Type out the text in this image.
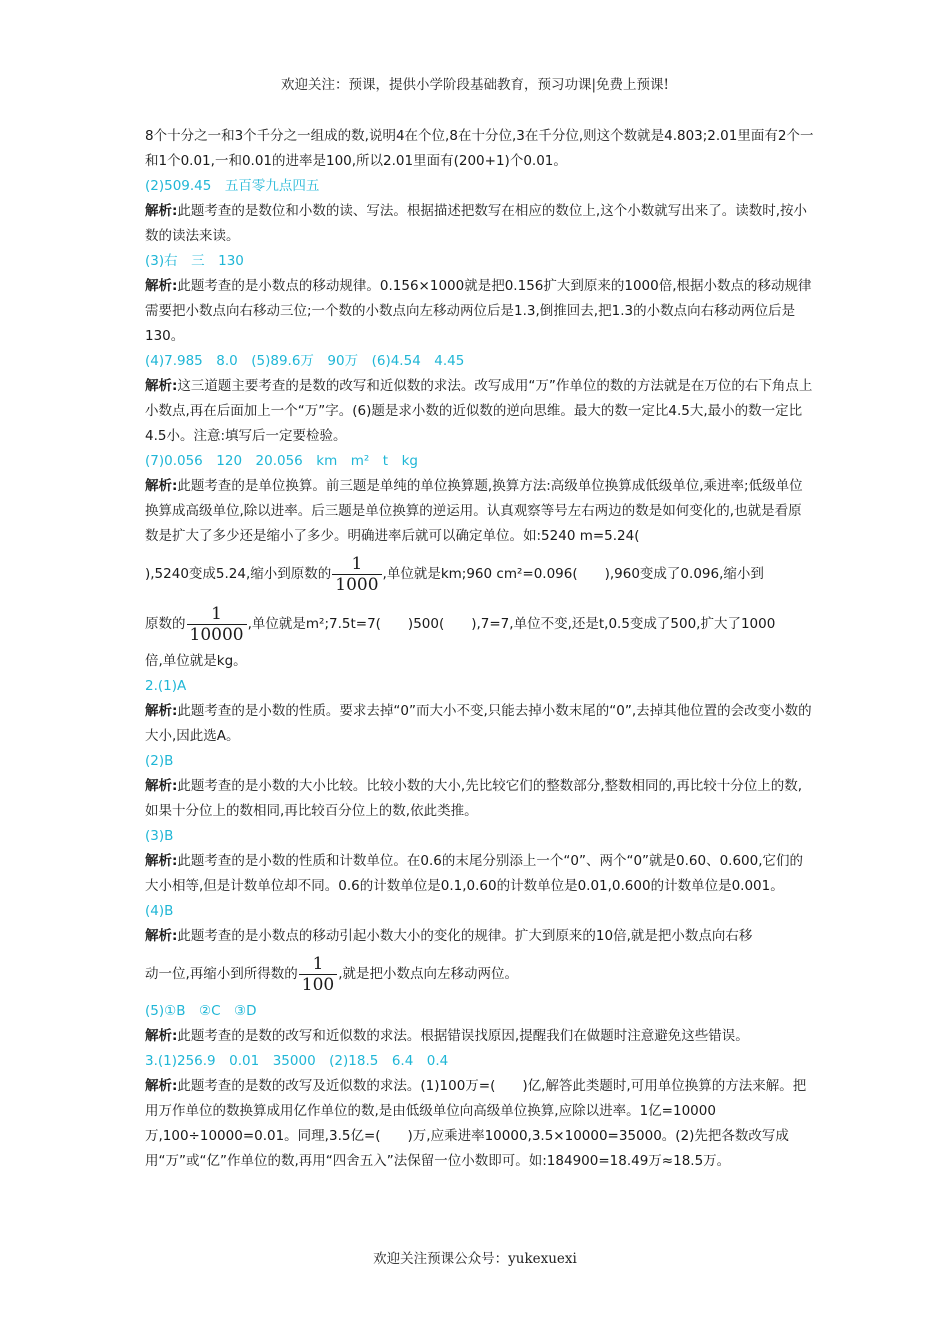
欢迎关注：预课，提供小学阶段基础教育，预习功课|免费上预课!

8个十分之一和3个千分之一组成的数,说明4在个位,8在十分位,3在千分位,则这个数就是4.803;2.01里面有2个一和1个0.01,一和0.01的进率是100,所以2.01里面有(200+1)个0.01。

(2)509.45　五百零九点四五

解析:此题考查的是数位和小数的读、写法。根据描述把数写在相应的数位上,这个小数就写出来了。读数时,按小数的读法来读。

(3)右　三　130

解析:此题考查的是小数点的移动规律。0.156×1000就是把0.156扩大到原来的1000倍,根据小数点的移动规律需要把小数点向右移动三位;一个数的小数点向左移动两位后是1.3,倒推回去,把1.3的小数点向右移动两位后是130。

(4)7.985　8.0　(5)89.6万　90万　(6)4.54　4.45

解析:这三道题主要考查的是数的改写和近似数的求法。改写成用“万”作单位的数的方法就是在万位的右下角点上小数点,再在后面加上一个“万”字。(6)题是求小数的近似数的逆向思维。最大的数一定比4.5大,最小的数一定比4.5小。注意:填写后一定要检验。

(7)0.056　120　20.056　km　m²　t　kg

解析:此题考查的是单位换算。前三题是单纯的单位换算题,换算方法:高级单位换算成低级单位,乘进率;低级单位换算成高级单位,除以进率。后三题是单位换算的逆运用。认真观察等号左右两边的数是如何变化的,也就是看原数是扩大了多少还是缩小了多少。明确进率后就可以确定单位。如:5240 m=5.24(

),5240变成5.24,缩小到原数的 $\frac{1}{1000}$ ,单位就是km;960 cm²=0.096(　　),960变成了0.096,缩小到

原数的 $\frac{1}{10000}$ ,单位就是m²;7.5t=7(　　)500(　　),7=7,单位不变,还是t,0.5变成了500,扩大了1000

倍,单位就是kg。

2.(1)A

解析:此题考查的是小数的性质。要求去掉“0”而大小不变,只能去掉小数末尾的“0”,去掉其他位置的会改变小数的大小,因此选A。

(2)B

解析:此题考查的是小数的大小比较。比较小数的大小,先比较它们的整数部分,整数相同的,再比较十分位上的数,如果十分位上的数相同,再比较百分位上的数,依此类推。

(3)B

解析:此题考查的是小数的性质和计数单位。在0.6的末尾分别添上一个“0”、两个“0”就是0.60、0.600,它们的大小相等,但是计数单位却不同。0.6的计数单位是0.1,0.60的计数单位是0.01,0.600的计数单位是0.001。

(4)B

解析:此题考查的是小数点的移动引起小数大小的变化的规律。扩大到原来的10倍,就是把小数点向右移

动一位,再缩小到所得数的 $\frac{1}{100}$ ,就是把小数点向左移动两位。

(5)①B　②C　③D

解析:此题考查的是数的改写和近似数的求法。根据错误找原因,提醒我们在做题时注意避免这些错误。

3.(1)256.9　0.01　35000　(2)18.5　6.4　0.4

解析:此题考查的是数的改写及近似数的求法。(1)100万=(　　)亿,解答此类题时,可用单位换算的方法来解。把用万作单位的数换算成用亿作单位的数,是由低级单位向高级单位换算,应除以进率。1亿=10000万,100÷10000=0.01。同理,3.5亿=(　　)万,应乘进率10000,3.5×10000=35000。(2)先把各数改写成用“万”或“亿”作单位的数,再用“四舍五入”法保留一位小数即可。如:184900=18.49万≈18.5万。

欢迎关注预课公众号：yukexuexi
